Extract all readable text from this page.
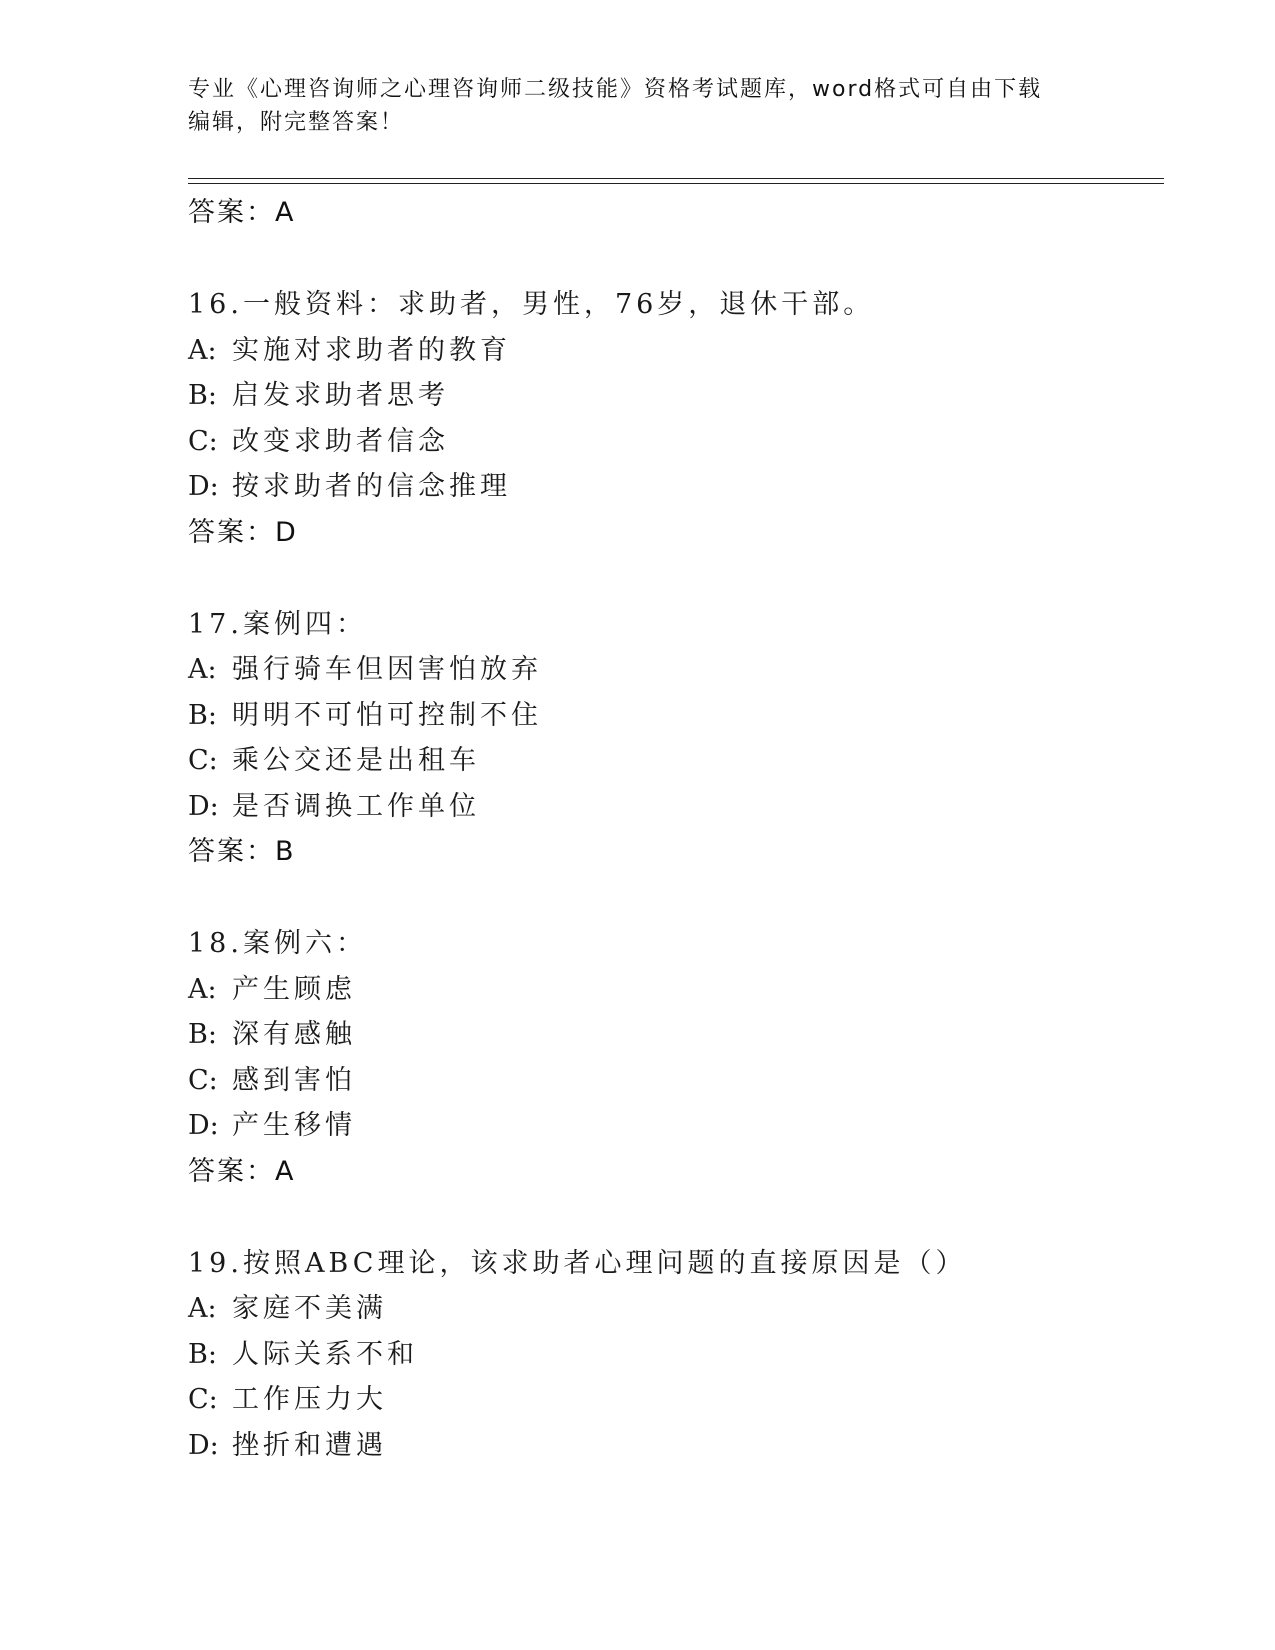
专业《心理咨询师之心理咨询师二级技能》资格考试题库，word格式可自由下载
编辑，附完整答案！
答案：A
16.一般资料：求助者，男性，76岁，退休干部。
A: 实施对求助者的教育
B: 启发求助者思考
C: 改变求助者信念
D: 按求助者的信念推理
答案：D
17.案例四：
A: 强行骑车但因害怕放弃
B: 明明不可怕可控制不住
C: 乘公交还是出租车
D: 是否调换工作单位
答案：B
18.案例六：
A: 产生顾虑
B: 深有感触
C: 感到害怕
D: 产生移情
答案：A
19.按照ABC理论，该求助者心理问题的直接原因是（）
A: 家庭不美满
B: 人际关系不和
C: 工作压力大
D: 挫折和遭遇
